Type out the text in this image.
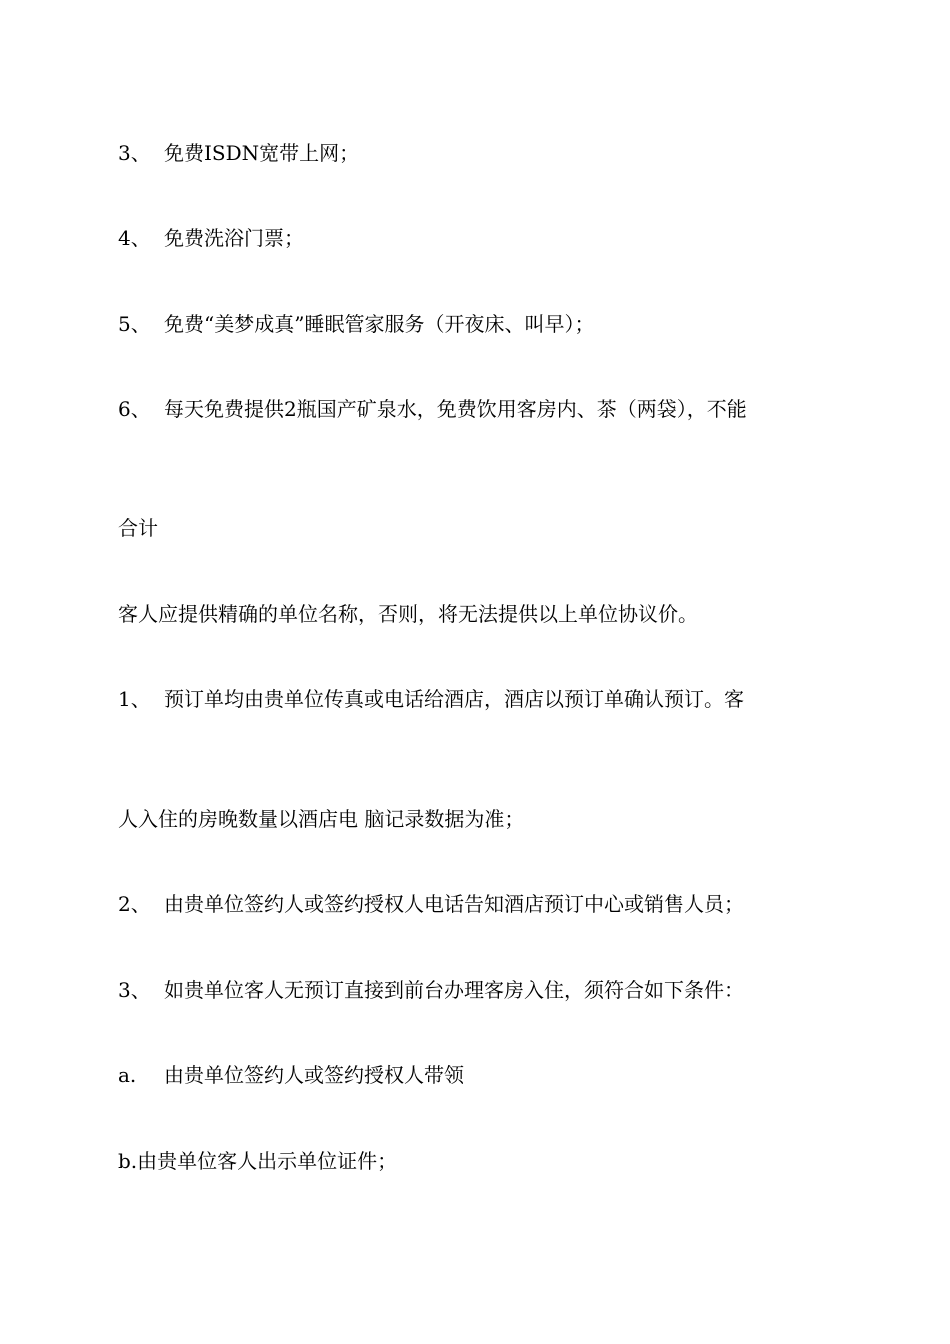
3、 免费ISDN宽带上网；
4、 免费洗浴门票；
5、 免费“美梦成真”睡眠管家服务（开夜床、叫早）；
6、 每天免费提供2瓶国产矿泉水，免费饮用客房内、茶（两袋），不能
合计
客人应提供精确的单位名称，否则，将无法提供以上单位协议价。
1、 预订单均由贵单位传真或电话给酒店，酒店以预订单确认预订。客
人入住的房晚数量以酒店电 脑记录数据为准；
2、 由贵单位签约人或签约授权人电话告知酒店预订中心或销售人员；
3、 如贵单位客人无预订直接到前台办理客房入住，须符合如下条件：
a. 由贵单位签约人或签约授权人带领
b.由贵单位客人出示单位证件；
